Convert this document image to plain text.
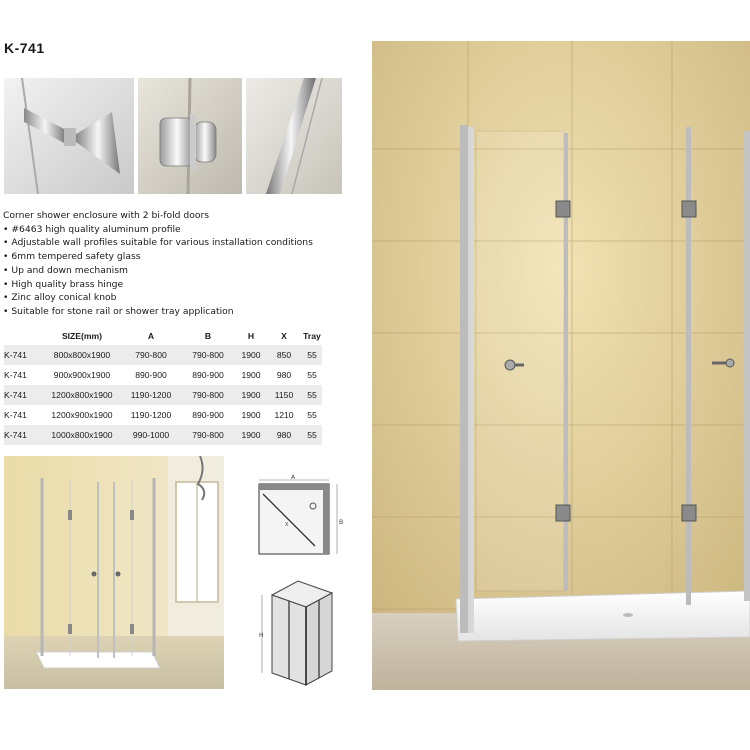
K-741
Corner shower enclosure with 2 bi-fold doors
• #6463 high quality aluminum profile
• Adjustable wall profiles suitable for various installation conditions
• 6mm tempered safety glass
• Up and down mechanism
• High quality brass hinge
• Zinc alloy conical knob
• Suitable for stone rail or shower tray application
	SIZE(mm)	A	B	H	X	Tray
K-741	800x800x1900	790-800	790-800	1900	850	55
K-741	900x900x1900	890-900	890-900	1900	980	55
K-741	1200x800x1900	1190-1200	790-800	1900	1150	55
K-741	1200x900x1900	1190-1200	890-900	1900	1210	55
K-741	1000x800x1900	990-1000	790-800	1900	980	55
A
B
X
H
